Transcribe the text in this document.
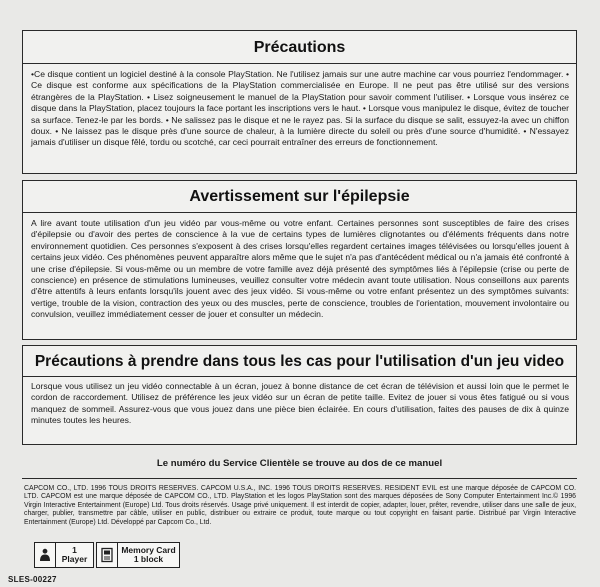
Précautions

•Ce disque contient un logiciel destiné à la console PlayStation. Ne l'utilisez jamais sur une autre machine car vous pourriez l'endommager. • Ce disque est conforme aux spécifications de la PlayStation commercialisée en Europe. Il ne peut pas être utilisé sur des versions étrangères de la PlayStation. • Lisez soigneusement le manuel de la PlayStation pour savoir comment l'utiliser. • Lorsque vous insérez ce disque dans la PlayStation, placez toujours la face portant les inscriptions vers le haut. • Lorsque vous manipulez le disque, évitez de toucher sa surface. Tenez-le par les bords. • Ne salissez pas le disque et ne le rayez pas. Si la surface du disque se salit, essuyez-la avec un chiffon doux. • Ne laissez pas le disque près d'une source de chaleur, à la lumière directe du soleil ou près d'une source d'humidité. • N'essayez jamais d'utiliser un disque fêlé, tordu ou scotché, car ceci pourrait entraîner des erreurs de fonctionnement.

Avertissement sur l'épilepsie

A lire avant toute utilisation d'un jeu vidéo par vous-même ou votre enfant. Certaines personnes sont susceptibles de faire des crises d'épilepsie ou d'avoir des pertes de conscience à la vue de certains types de lumières clignotantes ou d'éléments fréquents dans notre environnement quotidien. Ces personnes s'exposent à des crises lorsqu'elles regardent certaines images télévisées ou lorsqu'elles jouent à certains jeux vidéo. Ces phénomènes peuvent apparaître alors même que le sujet n'a pas d'antécédent médical ou n'a jamais été confronté à une crise d'épilepsie. Si vous-même ou un membre de votre famille avez déjà présenté des symptômes liés à l'épilepsie (crise ou perte de conscience) en présence de stimulations lumineuses, veuillez consulter votre médecin avant toute utilisation. Nous conseillons aux parents d'être attentifs à leurs enfants lorsqu'ils jouent avec des jeux vidéo. Si vous-même ou votre enfant présentez un des symptômes suivants: vertige, trouble de la vision, contraction des yeux ou des muscles, perte de conscience, troubles de l'orientation, mouvement involontaire ou convulsion, veuillez immédiatement cesser de jouer et consulter un médecin.

Précautions à prendre dans tous les cas pour l'utilisation d'un jeu video

Lorsque vous utilisez un jeu vidéo connectable à un écran, jouez à bonne distance de cet écran de télévision et aussi loin que le permet le cordon de raccordement. Utilisez de préférence les jeux vidéo sur un écran de petite taille. Evitez de jouer si vous êtes fatigué ou si vous manquez de sommeil. Assurez-vous que vous jouez dans une pièce bien éclairée. En cours d'utilisation, faites des pauses de dix à quinze minutes toutes les heures.

Le numéro du Service Clientèle se trouve au dos de ce manuel

CAPCOM CO., LTD. 1996 TOUS DROITS RESERVES. CAPCOM U.S.A., INC. 1996 TOUS DROITS RESERVES. RESIDENT EVIL est une marque déposée de CAPCOM CO. LTD. CAPCOM est une marque déposée de CAPCOM CO., LTD. PlayStation et les logos PlayStation sont des marques déposées de Sony Computer Entertainment Inc.© 1996 Virgin Interactive Entertainment (Europe) Ltd. Tous droits réservés. Usage privé uniquement. Il est interdit de copier, adapter, louer, prêter, revendre, utiliser dans une salle de jeux, charger, publier, transmettre par câble, utiliser en public, distribuer ou extraire ce produit, toute marque ou tout copyright en faisant partie. Distribué par Virgin Interactive Entertainment (Europe) Ltd. Développé par Capcom Co., Ltd.

1
Player
Memory Card
1 block
SLES-00227
